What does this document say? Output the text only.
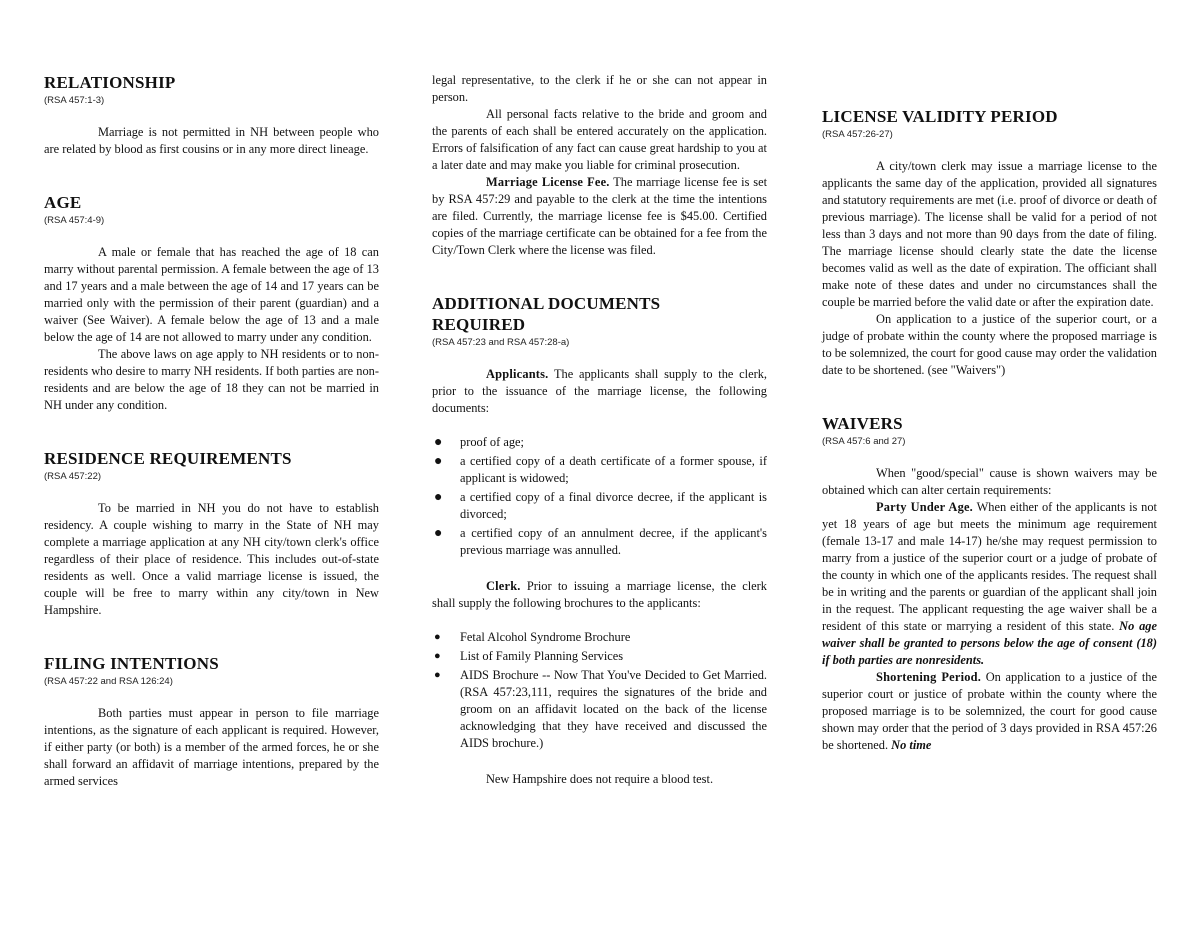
RELATIONSHIP
(RSA 457:1-3)

Marriage is not permitted in NH between people who are related by blood as first cousins or in any more direct lineage.

AGE
(RSA 457:4-9)

A male or female that has reached the age of 18 can marry without parental permission. A female between the age of 13 and 17 years and a male between the age of 14 and 17 years can be married only with the permission of their parent (guardian) and a waiver (See Waiver). A female below the age of 13 and a male below the age of 14 are not allowed to marry under any condition.

The above laws on age apply to NH residents or to non-residents who desire to marry NH residents. If both parties are non-residents and are below the age of 18 they can not be married in NH under any condition.

RESIDENCE REQUIREMENTS
(RSA 457:22)

To be married in NH you do not have to establish residency. A couple wishing to marry in the State of NH may complete a marriage application at any NH city/town clerk's office regardless of their place of residence. This includes out-of-state residents as well. Once a valid marriage license is issued, the couple will be free to marry within any city/town in New Hampshire.

FILING INTENTIONS
(RSA 457:22 and RSA 126:24)

Both parties must appear in person to file marriage intentions, as the signature of each applicant is required. However, if either party (or both) is a member of the armed forces, he or she shall forward an affidavit of marriage intentions, prepared by the armed services

legal representative, to the clerk if he or she can not appear in person.

All personal facts relative to the bride and groom and the parents of each shall be entered accurately on the application. Errors of falsification of any fact can cause great hardship to you at a later date and may make you liable for criminal prosecution.

Marriage License Fee. The marriage license fee is set by RSA 457:29 and payable to the clerk at the time the intentions are filed. Currently, the marriage license fee is $45.00. Certified copies of the marriage certificate can be obtained for a fee from the City/Town Clerk where the license was filed.

ADDITIONAL DOCUMENTS
REQUIRED
(RSA 457:23 and RSA 457:28-a)

Applicants. The applicants shall supply to the clerk, prior to the issuance of the marriage license, the following documents:

● proof of age;
● a certified copy of a death certificate of a former spouse, if applicant is widowed;
● a certified copy of a final divorce decree, if the applicant is divorced;
● a certified copy of an annulment decree, if the applicant's previous marriage was annulled.

Clerk. Prior to issuing a marriage license, the clerk shall supply the following brochures to the applicants:

● Fetal Alcohol Syndrome Brochure
● List of Family Planning Services
● AIDS Brochure -- Now That You've Decided to Get Married. (RSA 457:23,111, requires the signatures of the bride and groom on an affidavit located on the back of the license acknowledging that they have received and discussed the AIDS brochure.)

New Hampshire does not require a blood test.

LICENSE VALIDITY PERIOD
(RSA 457:26-27)

A city/town clerk may issue a marriage license to the applicants the same day of the application, provided all signatures and statutory requirements are met (i.e. proof of divorce or death of previous marriage). The license shall be valid for a period of not less than 3 days and not more than 90 days from the date of filing. The marriage license should clearly state the date the license becomes valid as well as the date of expiration. The officiant shall make note of these dates and under no circumstances shall the couple be married before the valid date or after the expiration date.

On application to a justice of the superior court, or a judge of probate within the county where the proposed marriage is to be solemnized, the court for good cause may order the validation date to be shortened. (see "Waivers")

WAIVERS
(RSA 457:6 and 27)

When "good/special" cause is shown waivers may be obtained which can alter certain requirements:

Party Under Age. When either of the applicants is not yet 18 years of age but meets the minimum age requirement (female 13-17 and male 14-17) he/she may request permission to marry from a justice of the superior court or a judge of probate of the county in which one of the applicants resides. The request shall be in writing and the parents or guardian of the applicant shall join in the request. The applicant requesting the age waiver shall be a resident of this state or marrying a resident of this state. No age waiver shall be granted to persons below the age of consent (18) if both parties are nonresidents.

Shortening Period. On application to a justice of the superior court or justice of probate within the county where the proposed marriage is to be solemnized, the court for good cause shown may order that the period of 3 days provided in RSA 457:26 be shortened. No time
